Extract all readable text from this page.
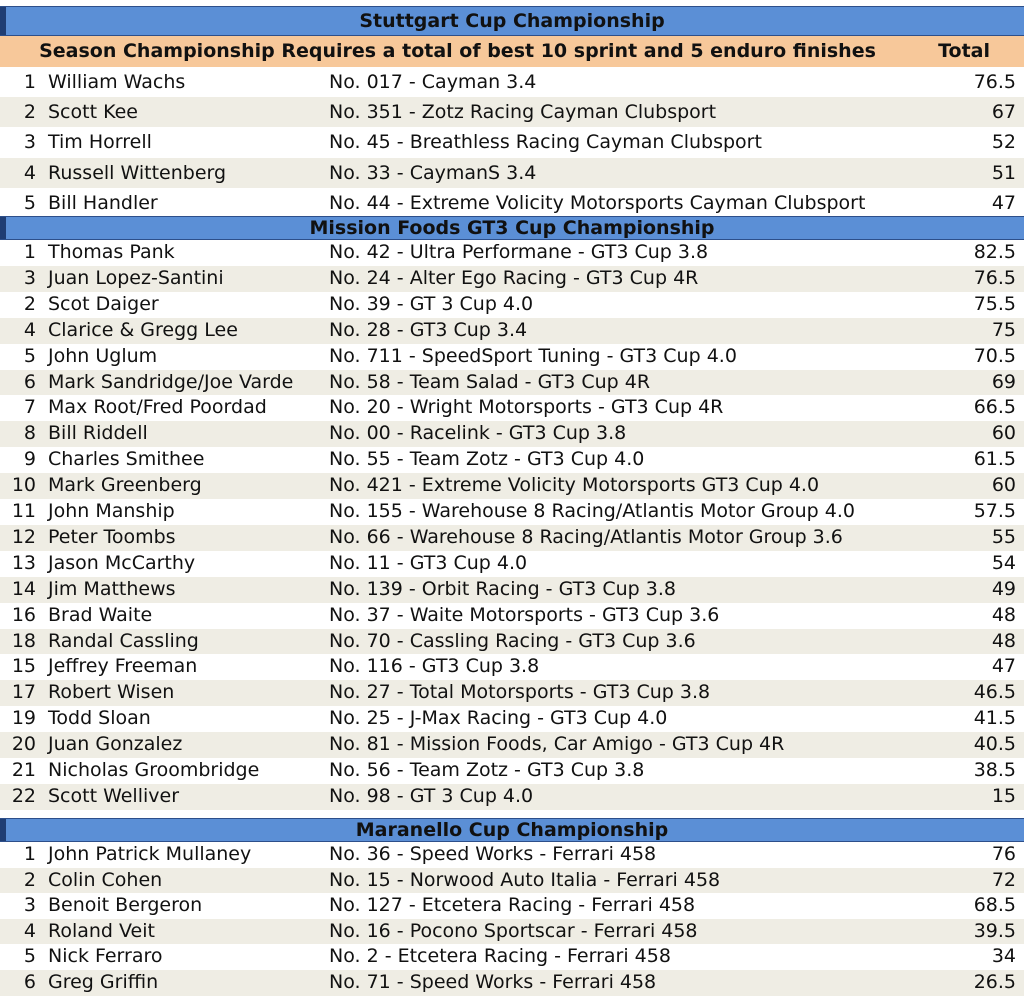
Stuttgart Cup Championship
Season Championship Requires a total of best 10 sprint and 5 enduro finishes	Total
1 William Wachs	No. 017 - Cayman 3.4	76.5
2 Scott Kee	No. 351 - Zotz Racing Cayman Clubsport	67
3 Tim Horrell	No. 45 - Breathless Racing Cayman Clubsport	52
4 Russell Wittenberg	No. 33 - CaymanS 3.4	51
5 Bill Handler	No. 44 - Extreme Volicity Motorsports Cayman Clubsport	47
Mission Foods GT3 Cup Championship
1 Thomas Pank	No. 42 - Ultra Performane - GT3 Cup 3.8	82.5
3 Juan Lopez-Santini	No. 24 - Alter Ego Racing - GT3 Cup 4R	76.5
2 Scot Daiger	No. 39 - GT 3 Cup 4.0	75.5
4 Clarice & Gregg Lee	No. 28 - GT3 Cup 3.4	75
5 John Uglum	No. 711 - SpeedSport Tuning - GT3 Cup 4.0	70.5
6 Mark Sandridge/Joe Varde No. 58 - Team Salad - GT3 Cup 4R	69
7 Max Root/Fred Poordad	No. 20 - Wright Motorsports - GT3 Cup 4R	66.5
8 Bill Riddell	No. 00 - Racelink - GT3 Cup 3.8	60
9 Charles Smithee	No. 55 - Team Zotz - GT3 Cup 4.0	61.5
10 Mark Greenberg	No. 421 - Extreme Volicity Motorsports GT3 Cup 4.0	60
11 John Manship	No. 155 - Warehouse 8 Racing/Atlantis Motor Group 4.0	57.5
12 Peter Toombs	No. 66 - Warehouse 8 Racing/Atlantis Motor Group 3.6	55
13 Jason McCarthy	No. 11 - GT3 Cup 4.0	54
14 Jim Matthews	No. 139 - Orbit Racing - GT3 Cup 3.8	49
16 Brad Waite	No. 37 - Waite Motorsports - GT3 Cup 3.6	48
18 Randal Cassling	No. 70 - Cassling Racing - GT3 Cup 3.6	48
15 Jeffrey Freeman	No. 116 - GT3 Cup 3.8	47
17 Robert Wisen	No. 27 - Total Motorsports - GT3 Cup 3.8	46.5
19 Todd Sloan	No. 25 - J-Max Racing - GT3 Cup 4.0	41.5
20 Juan Gonzalez	No. 81 - Mission Foods, Car Amigo - GT3 Cup 4R	40.5
21 Nicholas Groombridge	No. 56 - Team Zotz - GT3 Cup 3.8	38.5
22 Scott Welliver	No. 98 - GT 3 Cup 4.0	15
Maranello Cup Championship
1 John Patrick Mullaney	No. 36 - Speed Works - Ferrari 458	76
2 Colin Cohen	No. 15 - Norwood Auto Italia - Ferrari 458	72
3 Benoit Bergeron	No. 127 - Etcetera Racing - Ferrari 458	68.5
4 Roland Veit	No. 16 - Pocono Sportscar - Ferrari 458	39.5
5 Nick Ferraro	No. 2 - Etcetera Racing - Ferrari 458	34
6 Greg Griffin	No. 71 - Speed Works - Ferrari 458	26.5
